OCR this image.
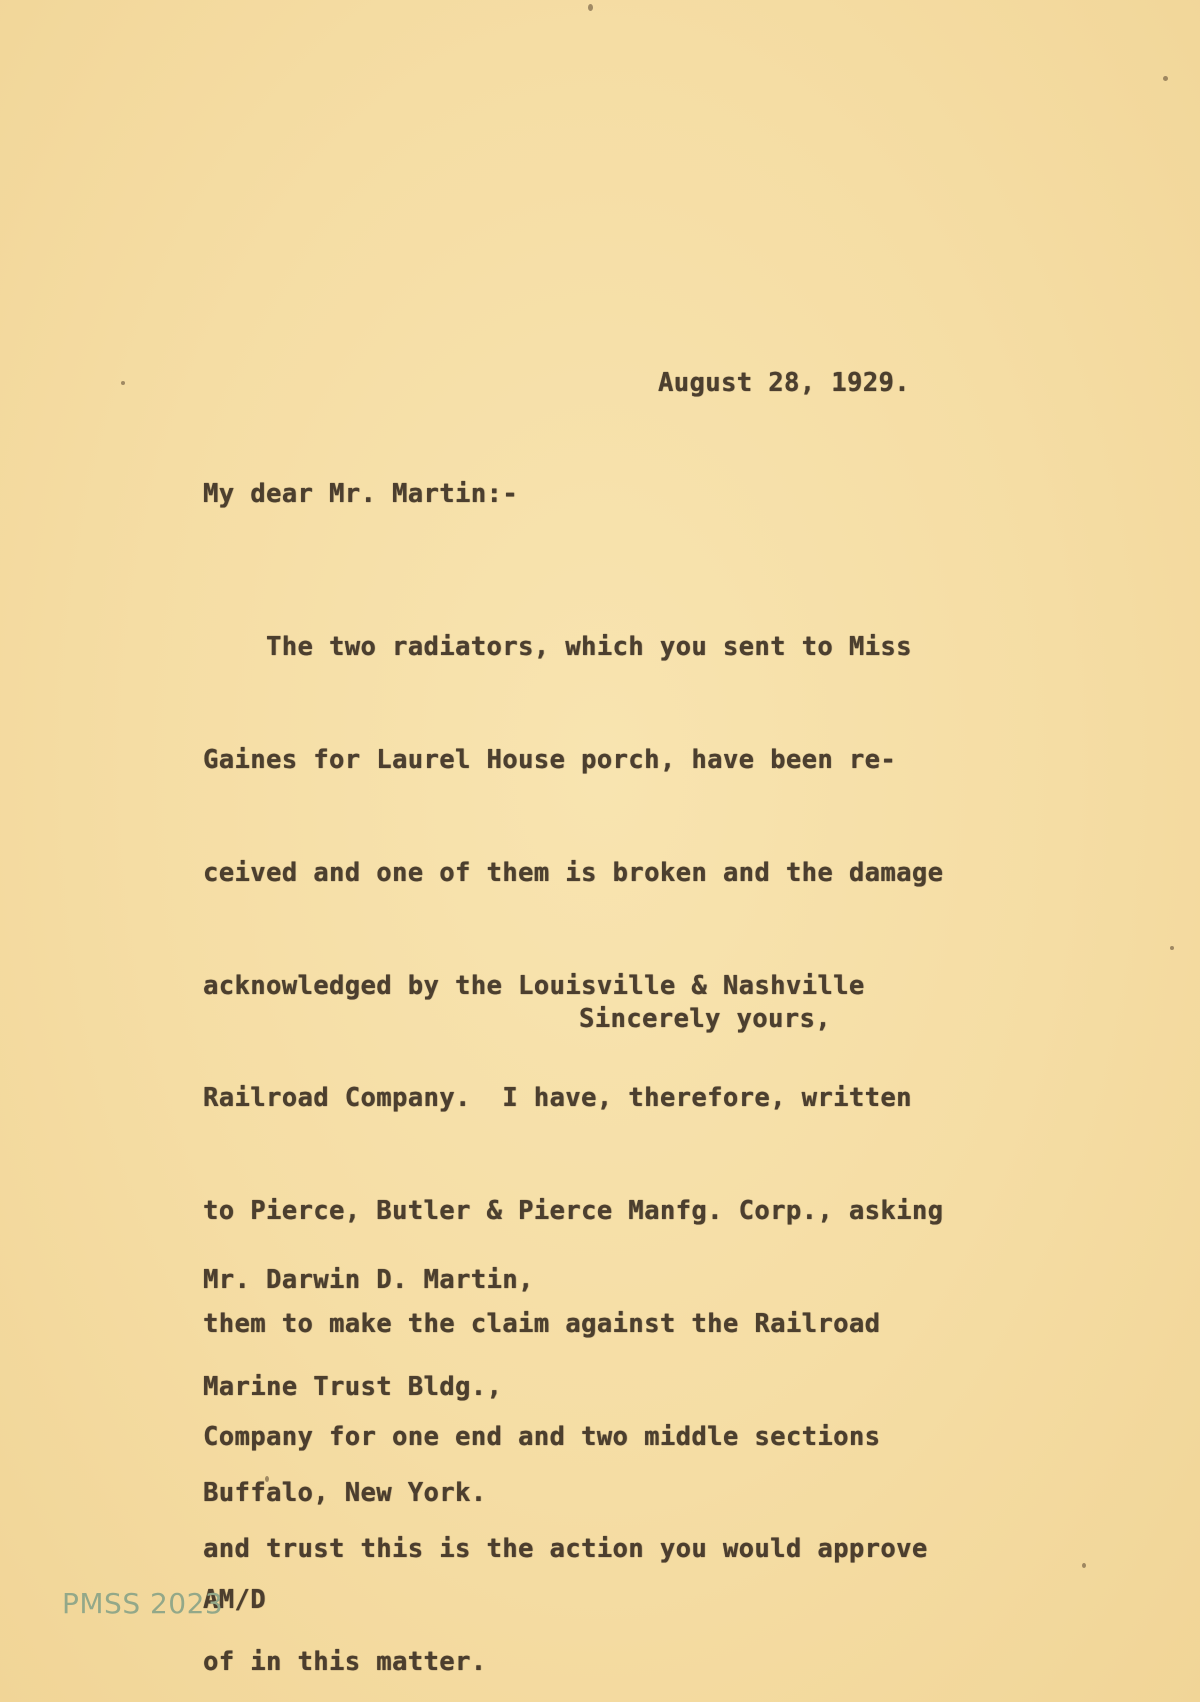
August 28, 1929.
My dear Mr. Martin:-

The two radiators, which you sent to Miss

Gaines for Laurel House porch, have been re-

ceived and one of them is broken and the damage

acknowledged by the Louisville & Nashville

Railroad Company.  I have, therefore, written

to Pierce, Butler & Pierce Manfg. Corp., asking

them to make the claim against the Railroad

Company for one end and two middle sections

and trust this is the action you would approve

of in this matter.

Sincerely yours,

Mr. Darwin D. Martin,

Marine Trust Bldg.,

Buffalo, New York.

AM/D

PMSS 2023
